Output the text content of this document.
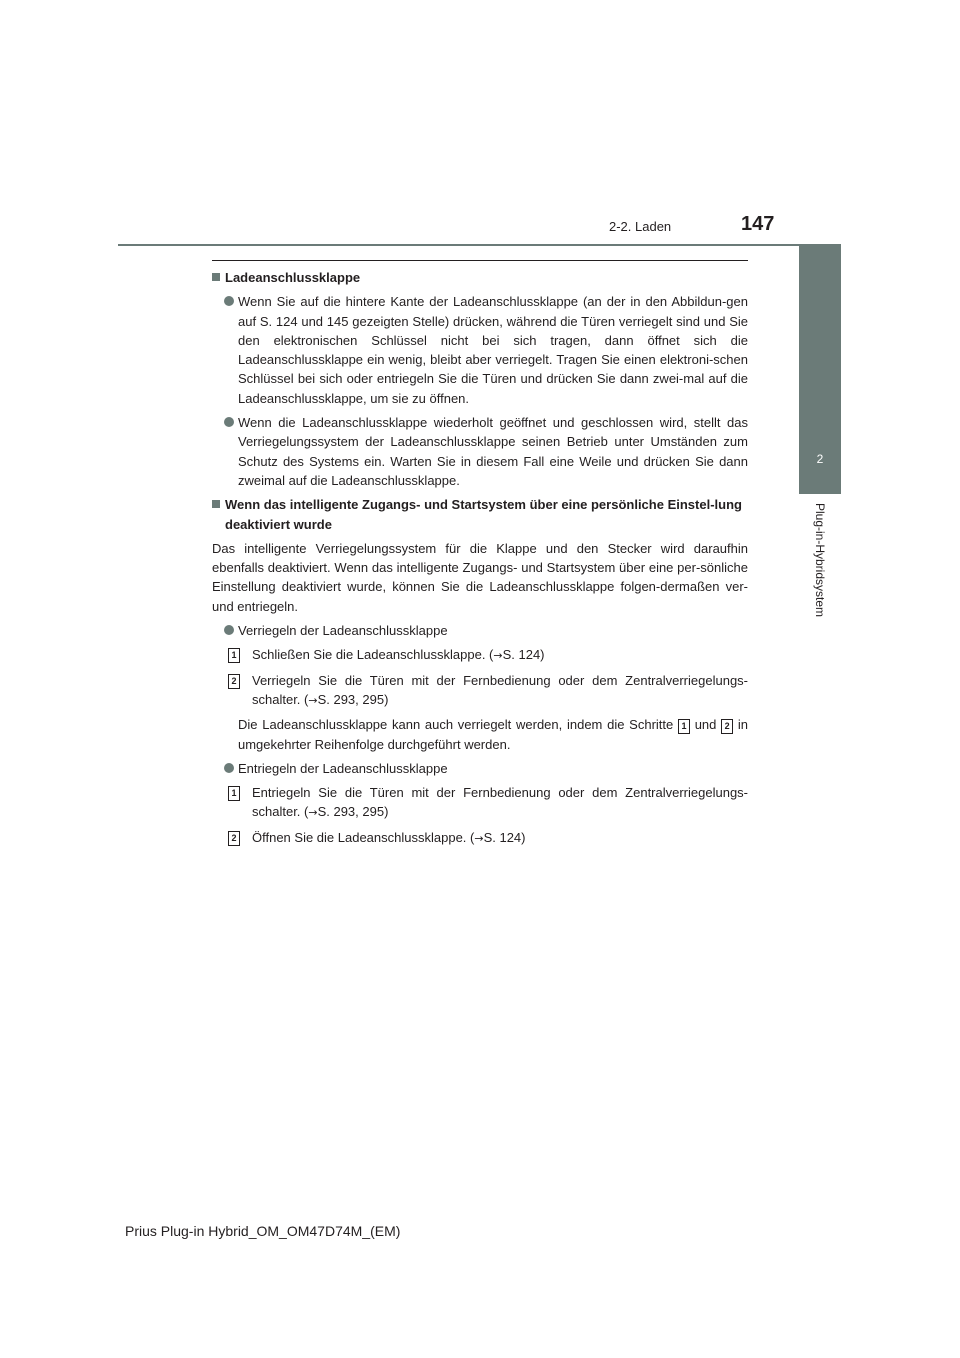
2-2. Laden	147
2
Plug-in-Hybridsystem

Ladeanschlussklappe

Wenn Sie auf die hintere Kante der Ladeanschlussklappe (an der in den Abbildun-gen auf S. 124 und 145 gezeigten Stelle) drücken, während die Türen verriegelt sind und Sie den elektronischen Schlüssel nicht bei sich tragen, dann öffnet sich die Ladeanschlussklappe ein wenig, bleibt aber verriegelt. Tragen Sie einen elektroni-schen Schlüssel bei sich oder entriegeln Sie die Türen und drücken Sie dann zwei-mal auf die Ladeanschlussklappe, um sie zu öffnen.

Wenn die Ladeanschlussklappe wiederholt geöffnet und geschlossen wird, stellt das Verriegelungssystem der Ladeanschlussklappe seinen Betrieb unter Umständen zum Schutz des Systems ein. Warten Sie in diesem Fall eine Weile und drücken Sie dann zweimal auf die Ladeanschlussklappe.

Wenn das intelligente Zugangs- und Startsystem über eine persönliche Einstel-lung deaktiviert wurde

Das intelligente Verriegelungssystem für die Klappe und den Stecker wird daraufhin ebenfalls deaktiviert. Wenn das intelligente Zugangs- und Startsystem über eine per-sönliche Einstellung deaktiviert wurde, können Sie die Ladeanschlussklappe folgen-dermaßen ver- und entriegeln.

Verriegeln der Ladeanschlussklappe

1 Schließen Sie die Ladeanschlussklappe. (→S. 124)

2 Verriegeln Sie die Türen mit der Fernbedienung oder dem Zentralverriegelungs-schalter. (→S. 293, 295)

Die Ladeanschlussklappe kann auch verriegelt werden, indem die Schritte 1 und 2 in umgekehrter Reihenfolge durchgeführt werden.

Entriegeln der Ladeanschlussklappe

1 Entriegeln Sie die Türen mit der Fernbedienung oder dem Zentralverriegelungs-schalter. (→S. 293, 295)

2 Öffnen Sie die Ladeanschlussklappe. (→S. 124)

Prius Plug-in Hybrid_OM_OM47D74M_(EM)
